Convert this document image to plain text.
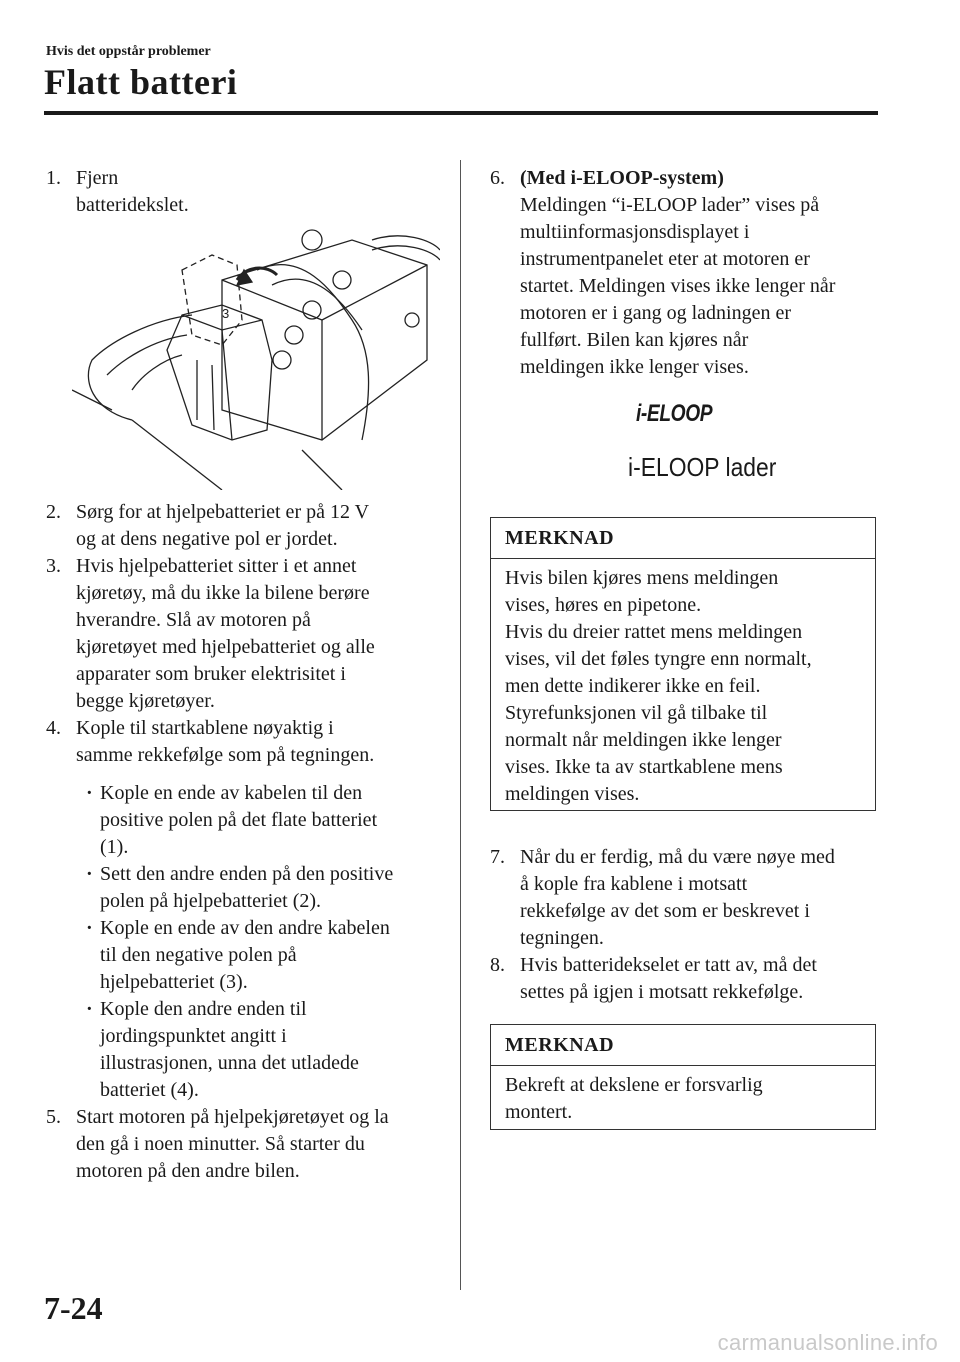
Hvis det oppstår problemer
Flatt batteri
1. Fjern batteridekslet.
3
2. Sørg for at hjelpebatteriet er på 12 V
og at dens negative pol er jordet.
3. Hvis hjelpebatteriet sitter i et annet
kjøretøy, må du ikke la bilene berøre
hverandre. Slå av motoren på
kjøretøyet med hjelpebatteriet og alle
apparater som bruker elektrisitet i
begge kjøretøyer.
4. Kople til startkablene nøyaktig i
samme rekkefølge som på tegningen.
· Kople en ende av kabelen til den
positive polen på det flate batteriet
(1).
· Sett den andre enden på den positive
polen på hjelpebatteriet (2).
· Kople en ende av den andre kabelen
til den negative polen på
hjelpebatteriet (3).
· Kople den andre enden til
jordingspunktet angitt i
illustrasjonen, unna det utladede
batteriet (4).
5. Start motoren på hjelpekjøretøyet og la
den gå i noen minutter. Så starter du
motoren på den andre bilen.
6. (Med i-ELOOP-system)
Meldingen “i-ELOOP lader” vises på
multiinformasjonsdisplayet i
instrumentpanelet eter at motoren er
startet. Meldingen vises ikke lenger når
motoren er i gang og ladningen er
fullført. Bilen kan kjøres når
meldingen ikke lenger vises.
i-ELOOP
i-ELOOP lader
MERKNAD
Hvis bilen kjøres mens meldingen
vises, høres en pipetone.
Hvis du dreier rattet mens meldingen
vises, vil det føles tyngre enn normalt,
men dette indikerer ikke en feil.
Styrefunksjonen vil gå tilbake til
normalt når meldingen ikke lenger
vises. Ikke ta av startkablene mens
meldingen vises.
7. Når du er ferdig, må du være nøye med
å kople fra kablene i motsatt
rekkefølge av det som er beskrevet i
tegningen.
8. Hvis batteridekselet er tatt av, må det
settes på igjen i motsatt rekkefølge.
MERKNAD
Bekreft at dekslene er forsvarlig
montert.
7-24
carmanualsonline.info
